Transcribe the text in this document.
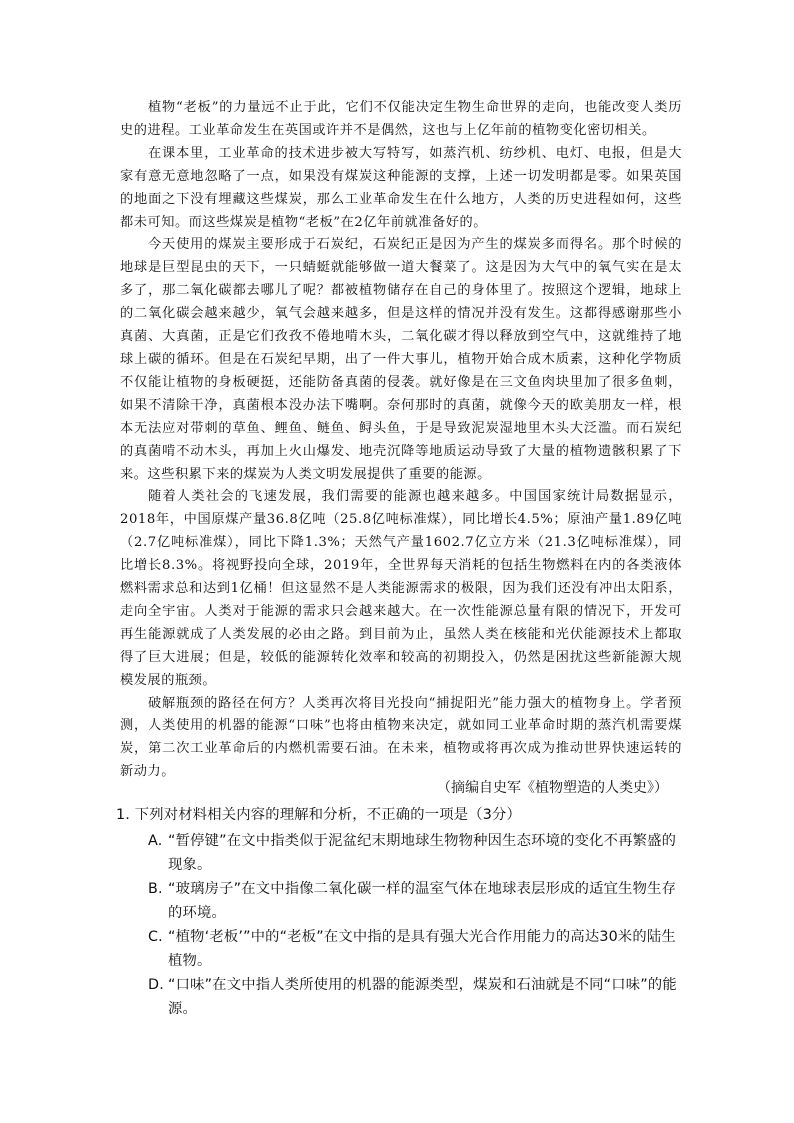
植物“老板”的力量远不止于此，它们不仅能决定生物生命世界的走向，也能改变人类历史的进程。工业革命发生在英国或许并不是偶然，这也与上亿年前的植物变化密切相关。

在课本里，工业革命的技术进步被大写特写，如蒸汽机、纺纱机、电灯、电报，但是大家有意无意地忽略了一点，如果没有煤炭这种能源的支撑，上述一切发明都是零。如果英国的地面之下没有埋藏这些煤炭，那么工业革命发生在什么地方，人类的历史进程如何，这些都未可知。而这些煤炭是植物“老板”在2亿年前就准备好的。

今天使用的煤炭主要形成于石炭纪，石炭纪正是因为产生的煤炭多而得名。那个时候的地球是巨型昆虫的天下，一只蜻蜓就能够做一道大餐菜了。这是因为大气中的氧气实在是太多了，那二氧化碳都去哪儿了呢？都被植物储存在自己的身体里了。按照这个逻辑，地球上的二氧化碳会越来越少，氧气会越来越多，但是这样的情况并没有发生。这都得感谢那些小真菌、大真菌，正是它们孜孜不倦地啃木头，二氧化碳才得以释放到空气中，这就维持了地球上碳的循环。但是在石炭纪早期，出了一件大事儿，植物开始合成木质素，这种化学物质不仅能让植物的身板硬挺，还能防备真菌的侵袭。就好像是在三文鱼肉块里加了很多鱼刺，如果不清除干净，真菌根本没办法下嘴啊。奈何那时的真菌，就像今天的欧美朋友一样，根本无法应对带刺的草鱼、鲤鱼、鲢鱼、鲟头鱼，于是导致泥炭湿地里木头大泛滥。而石炭纪的真菌啃不动木头，再加上火山爆发、地壳沉降等地质运动导致了大量的植物遗骸积累了下来。这些积累下来的煤炭为人类文明发展提供了重要的能源。

随着人类社会的飞速发展，我们需要的能源也越来越多。中国国家统计局数据显示，2018年，中国原煤产量36.8亿吨（25.8亿吨标准煤），同比增长4.5%；原油产量1.89亿吨（2.7亿吨标准煤），同比下降1.3%；天然气产量1602.7亿立方米（21.3亿吨标准煤），同比增长8.3%。将视野投向全球，2019年，全世界每天消耗的包括生物燃料在内的各类液体燃料需求总和达到1亿桶！但这显然不是人类能源需求的极限，因为我们还没有冲出太阳系，走向全宇宙。人类对于能源的需求只会越来越大。在一次性能源总量有限的情况下，开发可再生能源就成了人类发展的必由之路。到目前为止，虽然人类在核能和光伏能源技术上都取得了巨大进展；但是，较低的能源转化效率和较高的初期投入，仍然是困扰这些新能源大规模发展的瓶颈。

破解瓶颈的路径在何方？人类再次将目光投向“捕捉阳光”能力强大的植物身上。学者预测，人类使用的机器的能源“口味”也将由植物来决定，就如同工业革命时期的蒸汽机需要煤炭，第二次工业革命后的内燃机需要石油。在未来，植物或将再次成为推动世界快速运转的新动力。

（摘编自史军《植物塑造的人类史》）
1. 下列对材料相关内容的理解和分析，不正确的一项是（3分）
A. “暂停键”在文中指类似于泥盆纪末期地球生物物种因生态环境的变化不再繁盛的现象。
B. “玻璃房子”在文中指像二氧化碳一样的温室气体在地球表层形成的适宜生物生存的环境。
C. “植物‘老板’”中的“老板”在文中指的是具有强大光合作用能力的高达30米的陆生植物。
D. “口味”在文中指人类所使用的机器的能源类型，煤炭和石油就是不同“口味”的能源。
